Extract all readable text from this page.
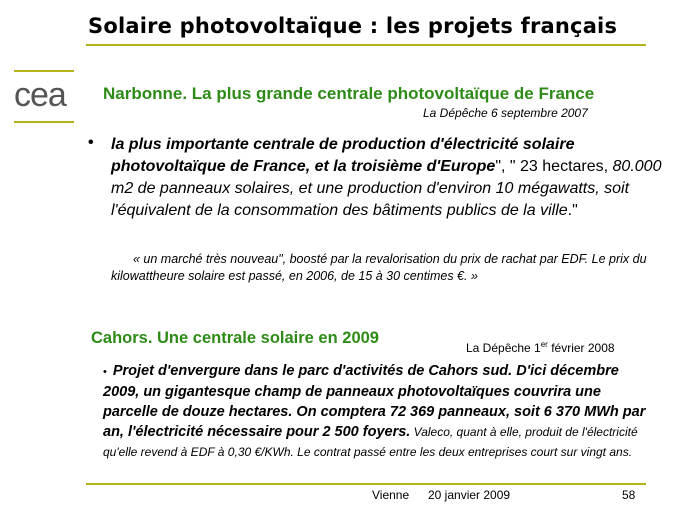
Solaire photovoltaïque : les projets français
cea Narbonne. La plus grande centrale photovoltaïque de France
La Dépêche 6 septembre 2007
• la plus importante centrale de production d'électricité solaire photovoltaïque de France, et la troisième d'Europe", " 23 hectares, 80.000 m2 de panneaux solaires, et une production d'environ 10 mégawatts, soit l'équivalent de la consommation des bâtiments publics de la ville."
« un marché très nouveau", boosté par la revalorisation du prix de rachat par EDF. Le prix du kilowattheure solaire est passé, en 2006, de 15 à 30 centimes €. »
Cahors. Une centrale solaire en 2009
La Dépêche 1er février 2008
• Projet d'envergure dans le parc d'activités de Cahors sud. D'ici décembre 2009, un gigantesque champ de panneaux photovoltaïques couvrira une parcelle de douze hectares. On comptera 72 369 panneaux, soit 6 370 MWh par an, l'électricité nécessaire pour 2 500 foyers. Valeco, quant à elle, produit de l'électricité qu'elle revend à EDF à 0,30 €/KWh. Le contrat passé entre les deux entreprises court sur vingt ans.
Vienne 20 janvier 2009	58
